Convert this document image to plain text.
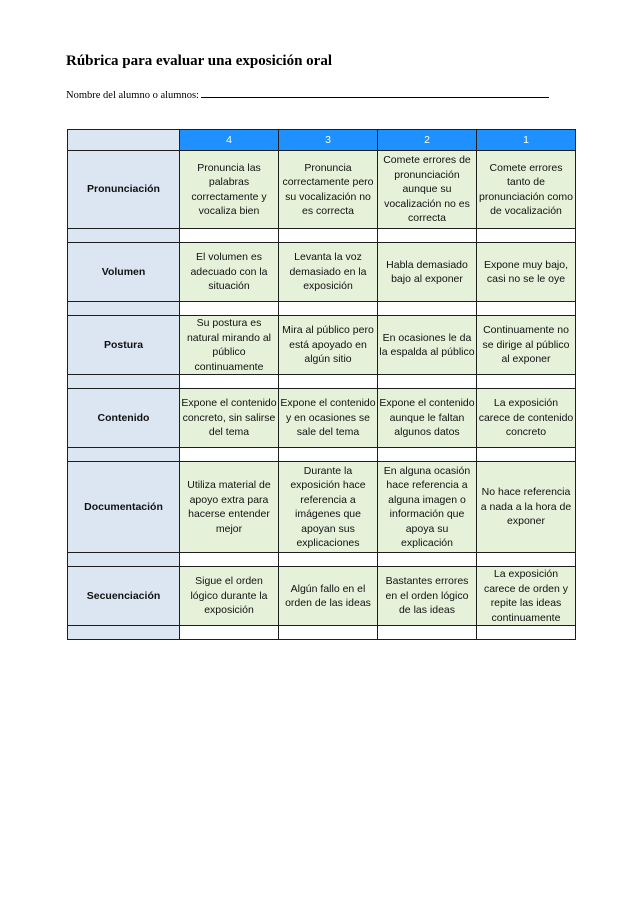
Rúbrica para evaluar una exposición oral
Nombre del alumno o alumnos:
	4	3	2	1
Pronunciación	Pronuncia las palabras correctamente y vocaliza bien	Pronuncia correctamente pero su vocalización no es correcta	Comete errores de pronunciación aunque su vocalización no es correcta	Comete errores tanto de pronunciación como de vocalización

Volumen	El volumen es adecuado con la situación	Levanta la voz demasiado en la exposición	Habla demasiado bajo al exponer	Expone muy bajo, casi no se le oye

Postura	Su postura es natural mirando al público continuamente	Mira al público pero está apoyado en algún sitio	En ocasiones le da la espalda al público	Continuamente no se dirige al público al exponer

Contenido	Expone el contenido concreto, sin salirse del tema	Expone el contenido y en ocasiones se sale del tema	Expone el contenido aunque le faltan algunos datos	La exposición carece de contenido concreto

Documentación	Utiliza material de apoyo extra para hacerse entender mejor	Durante la exposición hace referencia a imágenes que apoyan sus explicaciones	En alguna ocasión hace referencia a alguna imagen o información que apoya su explicación	No hace referencia a nada a la hora de exponer

Secuenciación	Sigue el orden lógico durante la exposición	Algún fallo en el orden de las ideas	Bastantes errores en el orden lógico de las ideas	La exposición carece de orden y repite las ideas continuamente
